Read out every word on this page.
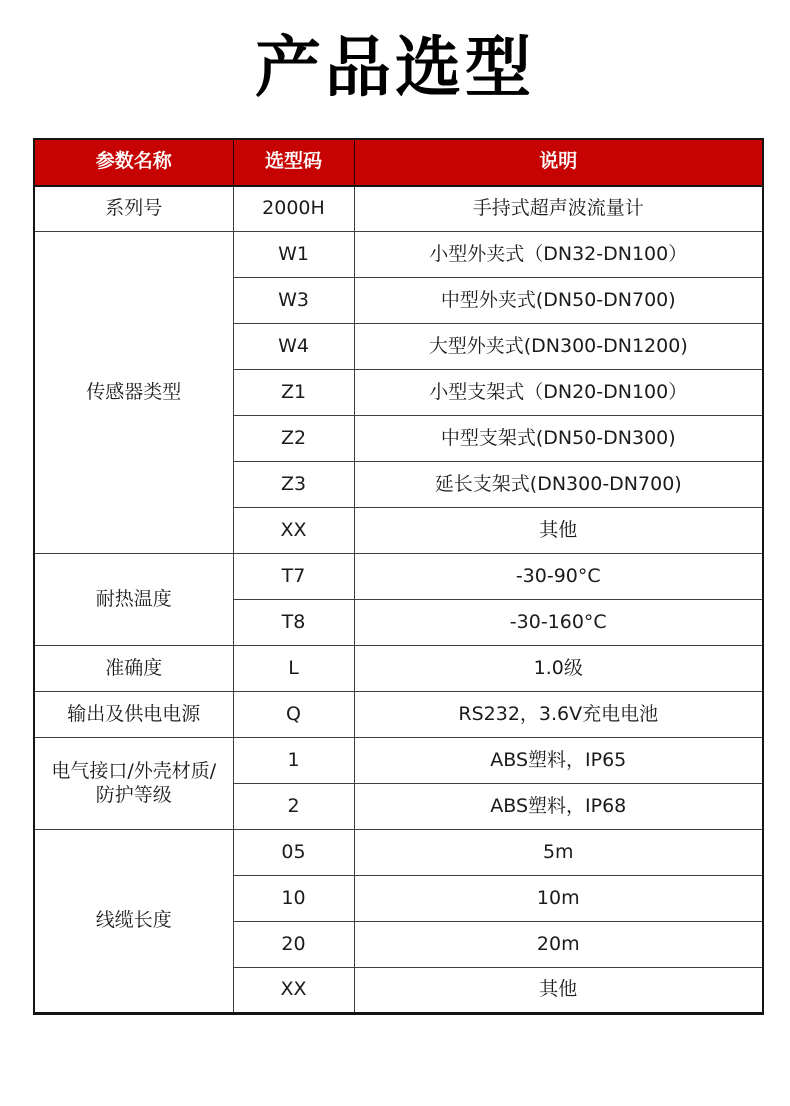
产品选型
参数名称	选型码	说明
系列号	2000H	手持式超声波流量计
传感器类型	W1	小型外夹式（DN32-DN100）
	W3	中型外夹式(DN50-DN700)
	W4	大型外夹式(DN300-DN1200)
	Z1	小型支架式（DN20-DN100）
	Z2	中型支架式(DN50-DN300)
	Z3	延长支架式(DN300-DN700)
	XX	其他
耐热温度	T7	-30-90°C
	T8	-30-160°C
准确度	L	1.0级
输出及供电电源	Q	RS232，3.6V充电电池
电气接口/外壳材质/防护等级	1	ABS塑料，IP65
	2	ABS塑料，IP68
线缆长度	05	5m
	10	10m
	20	20m
	XX	其他
